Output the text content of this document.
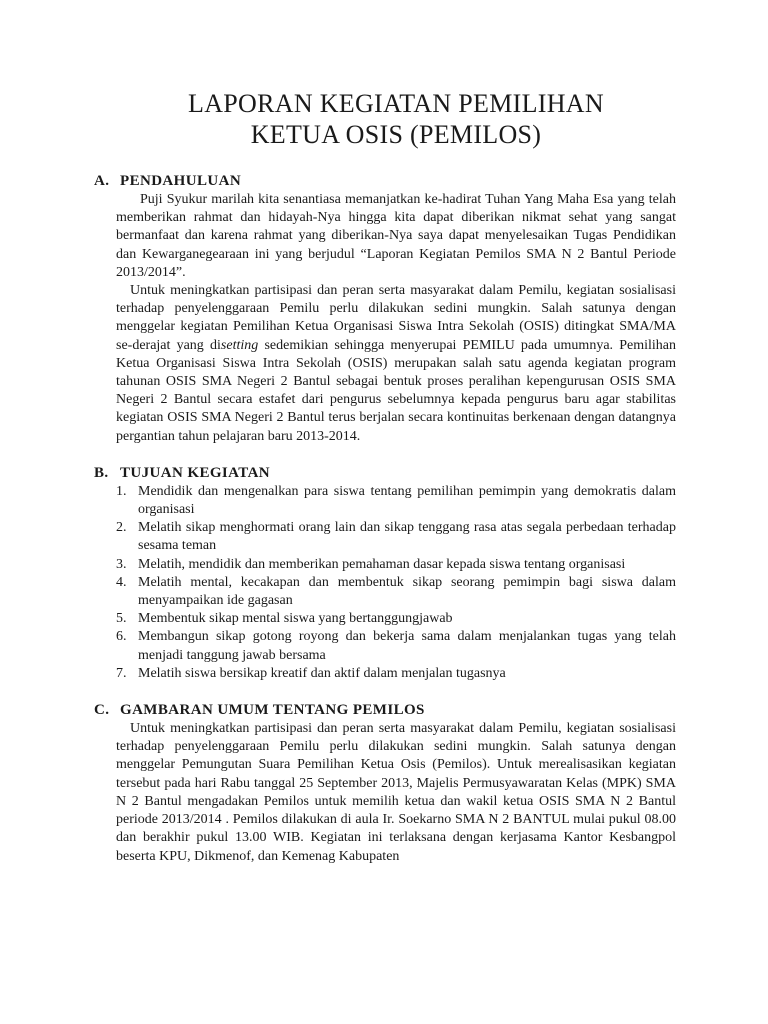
LAPORAN KEGIATAN PEMILIHAN
KETUA OSIS (PEMILOS)
A. PENDAHULUAN

Puji Syukur marilah kita senantiasa memanjatkan ke-hadirat Tuhan Yang Maha Esa yang telah memberikan rahmat dan hidayah-Nya hingga kita dapat diberikan nikmat sehat yang sangat bermanfaat dan karena rahmat yang diberikan-Nya saya dapat menyelesaikan Tugas Pendidikan dan Kewarganegearaan ini yang berjudul “Laporan Kegiatan Pemilos SMA N 2 Bantul Periode 2013/2014”.

Untuk meningkatkan partisipasi dan peran serta masyarakat dalam Pemilu, kegiatan sosialisasi terhadap penyelenggaraan Pemilu perlu dilakukan sedini mungkin. Salah satunya dengan menggelar kegiatan Pemilihan Ketua Organisasi Siswa Intra Sekolah (OSIS) ditingkat SMA/MA se-derajat yang disetting sedemikian sehingga menyerupai PEMILU pada umumnya. Pemilihan Ketua Organisasi Siswa Intra Sekolah (OSIS) merupakan salah satu agenda kegiatan program tahunan OSIS SMA Negeri 2 Bantul sebagai bentuk proses peralihan kepengurusan OSIS SMA Negeri 2 Bantul secara estafet dari pengurus sebelumnya kepada pengurus baru agar stabilitas kegiatan OSIS SMA Negeri 2 Bantul terus berjalan secara kontinuitas berkenaan dengan datangnya pergantian tahun pelajaran baru 2013-2014.

B. TUJUAN KEGIATAN
1. Mendidik dan mengenalkan para siswa tentang pemilihan pemimpin yang demokratis dalam organisasi
2. Melatih sikap menghormati orang lain dan sikap tenggang rasa atas segala perbedaan terhadap sesama teman
3. Melatih, mendidik dan memberikan pemahaman dasar kepada siswa tentang organisasi
4. Melatih mental, kecakapan dan membentuk sikap seorang pemimpin bagi siswa dalam menyampaikan ide gagasan
5. Membentuk sikap mental siswa yang bertanggungjawab
6. Membangun sikap gotong royong dan bekerja sama dalam menjalankan tugas yang telah menjadi tanggung jawab bersama
7. Melatih siswa bersikap kreatif dan aktif dalam menjalan tugasnya
C. GAMBARAN UMUM TENTANG PEMILOS

Untuk meningkatkan partisipasi dan peran serta masyarakat dalam Pemilu, kegiatan sosialisasi terhadap penyelenggaraan Pemilu perlu dilakukan sedini mungkin. Salah satunya dengan menggelar Pemungutan Suara Pemilihan Ketua Osis (Pemilos). Untuk merealisasikan kegiatan tersebut pada hari Rabu tanggal 25 September 2013, Majelis Permusyawaratan Kelas (MPK) SMA N 2 Bantul mengadakan Pemilos untuk memilih ketua dan wakil ketua OSIS SMA N 2 Bantul periode 2013/2014 . Pemilos dilakukan di aula Ir. Soekarno SMA N 2 BANTUL mulai pukul 08.00 dan berakhir pukul 13.00 WIB. Kegiatan ini terlaksana dengan kerjasama Kantor Kesbangpol beserta KPU, Dikmenof, dan Kemenag Kabupaten
